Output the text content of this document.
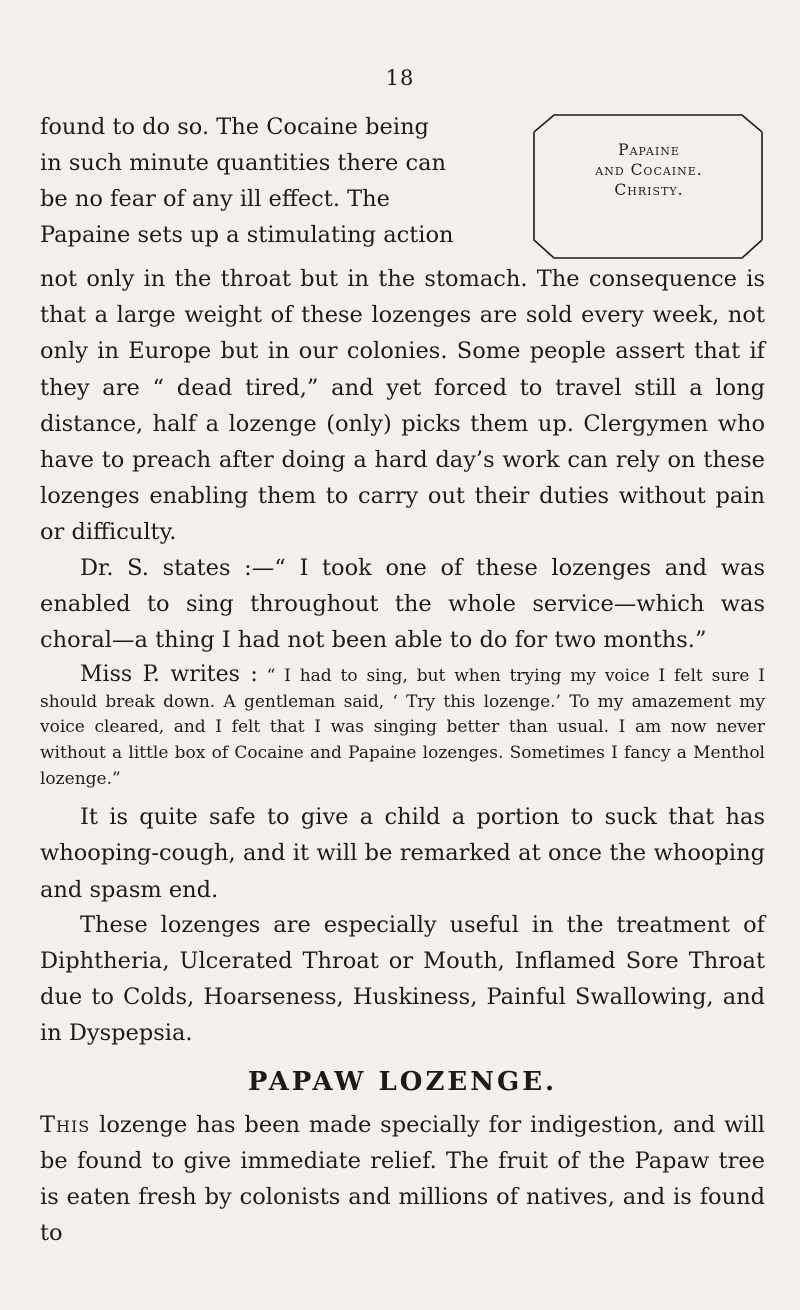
18
found to do so. The Cocaine being
in such minute quantities there can
be no fear of any ill effect. The
Papaine sets up a stimulating action
Papaine
and Cocaine.
Christy.

not only in the throat but in the stomach. The consequence is that a large weight of these lozenges are sold every week, not only in Europe but in our colonies. Some people assert that if they are “ dead tired,” and yet forced to travel still a long distance, half a lozenge (only) picks them up. Clergymen who have to preach after doing a hard day’s work can rely on these lozenges enabling them to carry out their duties without pain or difficulty.

Dr. S. states :—“ I took one of these lozenges and was enabled to sing throughout the whole service—which was choral—a thing I had not been able to do for two months.”

Miss P. writes : “ I had to sing, but when trying my voice I felt sure I should break down. A gentleman said, ‘ Try this lozenge.’ To my amazement my voice cleared, and I felt that I was singing better than usual. I am now never without a little box of Cocaine and Papaine lozenges. Sometimes I fancy a Menthol lozenge.”

It is quite safe to give a child a portion to suck that has whooping-cough, and it will be remarked at once the whooping and spasm end.

These lozenges are especially useful in the treatment of Diphtheria, Ulcerated Throat or Mouth, Inflamed Sore Throat due to Colds, Hoarseness, Huskiness, Painful Swallowing, and in Dyspepsia.

PAPAW LOZENGE.

This lozenge has been made specially for indigestion, and will be found to give immediate relief. The fruit of the Papaw tree is eaten fresh by colonists and millions of natives, and is found to
